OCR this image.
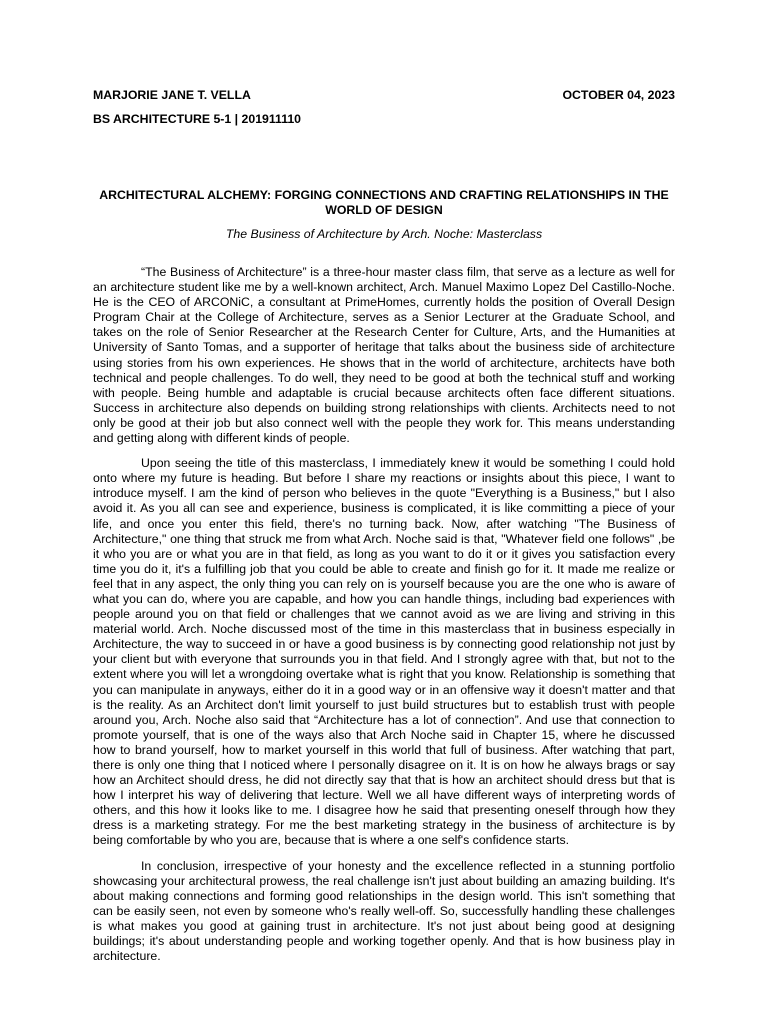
MARJORIE JANE T. VELLA	OCTOBER 04, 2023
BS ARCHITECTURE 5-1 | 201911110
ARCHITECTURAL ALCHEMY: FORGING CONNECTIONS AND CRAFTING RELATIONSHIPS IN THE WORLD OF DESIGN
The Business of Architecture by Arch. Noche: Masterclass

“The Business of Architecture” is a three-hour master class film, that serve as a lecture as well for an architecture student like me by a well-known architect, Arch. Manuel Maximo Lopez Del Castillo-Noche. He is the CEO of ARCONiC, a consultant at PrimeHomes, currently holds the position of Overall Design Program Chair at the College of Architecture, serves as a Senior Lecturer at the Graduate School, and takes on the role of Senior Researcher at the Research Center for Culture, Arts, and the Humanities at University of Santo Tomas, and a supporter of heritage that talks about the business side of architecture using stories from his own experiences. He shows that in the world of architecture, architects have both technical and people challenges. To do well, they need to be good at both the technical stuff and working with people. Being humble and adaptable is crucial because architects often face different situations. Success in architecture also depends on building strong relationships with clients. Architects need to not only be good at their job but also connect well with the people they work for. This means understanding and getting along with different kinds of people.

Upon seeing the title of this masterclass, I immediately knew it would be something I could hold onto where my future is heading. But before I share my reactions or insights about this piece, I want to introduce myself. I am the kind of person who believes in the quote "Everything is a Business," but I also avoid it. As you all can see and experience, business is complicated, it is like committing a piece of your life, and once you enter this field, there's no turning back. Now, after watching "The Business of Architecture," one thing that struck me from what Arch. Noche said is that, "Whatever field one follows" ,be it who you are or what you are in that field, as long as you want to do it or it gives you satisfaction every time you do it, it's a fulfilling job that you could be able to create and finish go for it. It made me realize or feel that in any aspect, the only thing you can rely on is yourself because you are the one who is aware of what you can do, where you are capable, and how you can handle things, including bad experiences with people around you on that field or challenges that we cannot avoid as we are living and striving in this material world. Arch. Noche discussed most of the time in this masterclass that in business especially in Architecture, the way to succeed in or have a good business is by connecting good relationship not just by your client but with everyone that surrounds you in that field. And I strongly agree with that, but not to the extent where you will let a wrongdoing overtake what is right that you know. Relationship is something that you can manipulate in anyways, either do it in a good way or in an offensive way it doesn't matter and that is the reality. As an Architect don't limit yourself to just build structures but to establish trust with people around you, Arch. Noche also said that “Architecture has a lot of connection”. And use that connection to promote yourself, that is one of the ways also that Arch Noche said in Chapter 15, where he discussed how to brand yourself, how to market yourself in this world that full of business. After watching that part, there is only one thing that I noticed where I personally disagree on it. It is on how he always brags or say how an Architect should dress, he did not directly say that that is how an architect should dress but that is how I interpret his way of delivering that lecture. Well we all have different ways of interpreting words of others, and this how it looks like to me. I disagree how he said that presenting oneself through how they dress is a marketing strategy. For me the best marketing strategy in the business of architecture is by being comfortable by who you are, because that is where a one self's confidence starts.

In conclusion, irrespective of your honesty and the excellence reflected in a stunning portfolio showcasing your architectural prowess, the real challenge isn't just about building an amazing building. It's about making connections and forming good relationships in the design world. This isn't something that can be easily seen, not even by someone who's really well-off. So, successfully handling these challenges is what makes you good at gaining trust in architecture. It's not just about being good at designing buildings; it's about understanding people and working together openly. And that is how business play in architecture.
